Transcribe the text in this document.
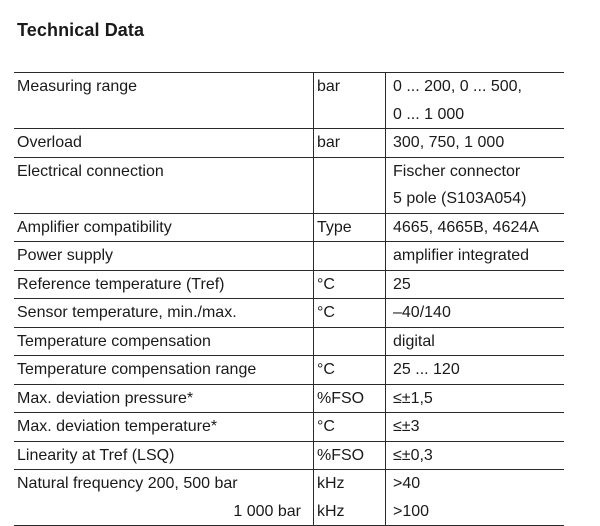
Technical Data
Measuring range	bar	0 ... 200, 0 ... 500,
0 ... 1 000

Overload	bar	300, 750, 1 000
Electrical connection		Fischer connector
5 pole (S103A054)

Amplifier compatibility	Type	4665, 4665B, 4624A
Power supply		amplifier integrated
Reference temperature (Tref)	°C	25
Sensor temperature, min./max.	°C	–40/140
Temperature compensation		digital
Temperature compensation range	°C	25 ... 120
Max. deviation pressure*	%FSO	≤±1,5
Max. deviation temperature*	°C	≤±3
Linearity at Tref (LSQ)	%FSO	≤±0,3
Natural frequency 200, 500 bar	kHz	>40
1 000 bar	kHz	>100
